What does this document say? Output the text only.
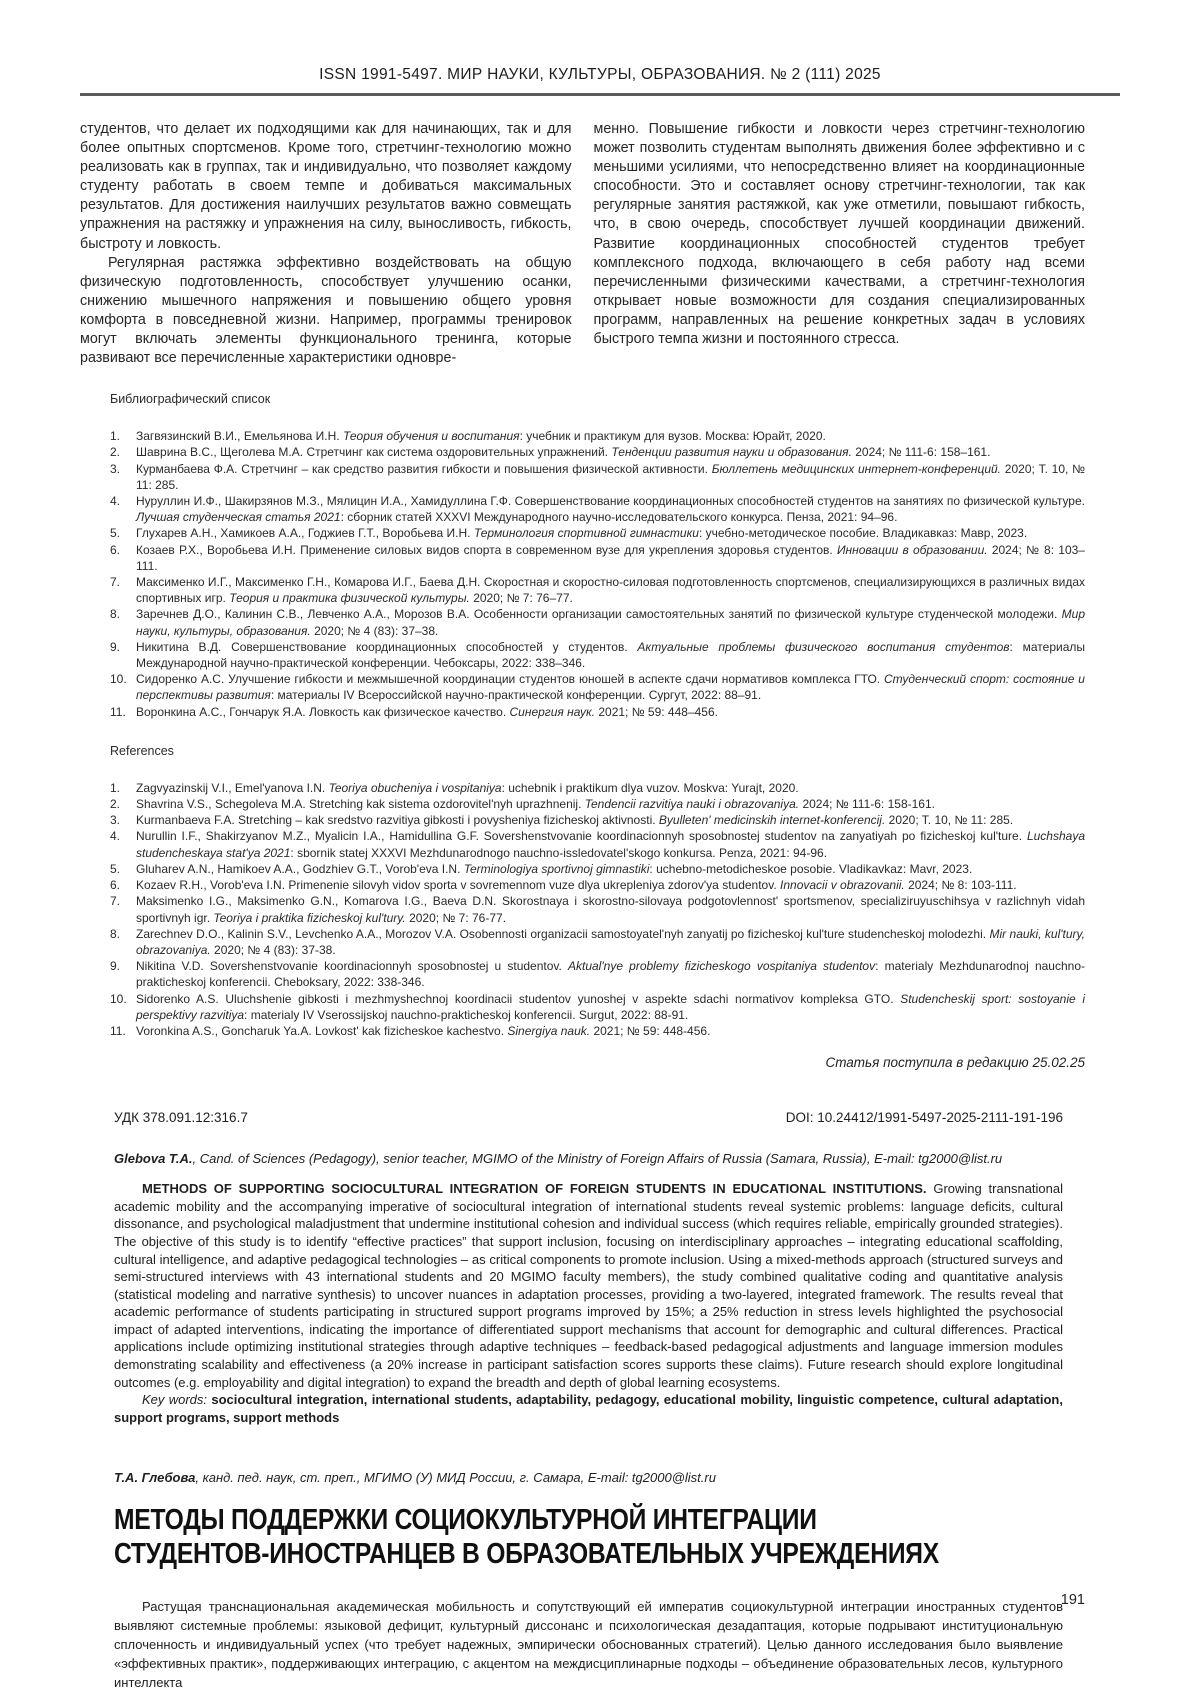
ISSN 1991-5497. МИР НАУКИ, КУЛЬТУРЫ, ОБРАЗОВАНИЯ. № 2 (111) 2025

студентов, что делает их подходящими как для начинающих, так и для более опытных спортсменов. Кроме того, стретчинг-технологию можно реализовать как в группах, так и индивидуально, что позволяет каждому студенту работать в своем темпе и добиваться максимальных результатов. Для достижения наилучших результатов важно совмещать упражнения на растяжку и упражнения на силу, выносливость, гибкость, быстроту и ловкость.

Регулярная растяжка эффективно воздействовать на общую физическую подготовленность, способствует улучшению осанки, снижению мышечного напряжения и повышению общего уровня комфорта в повседневной жизни. Например, программы тренировок могут включать элементы функционального тренинга, которые развивают все перечисленные характеристики одновре-

менно. Повышение гибкости и ловкости через стретчинг-технологию может позволить студентам выполнять движения более эффективно и с меньшими усилиями, что непосредственно влияет на координационные способности. Это и составляет основу стретчинг-технологии, так как регулярные занятия растяжкой, как уже отметили, повышают гибкость, что, в свою очередь, способствует лучшей координации движений. Развитие координационных способностей студентов требует комплексного подхода, включающего в себя работу над всеми перечисленными физическими качествами, а стретчинг-технология открывает новые возможности для создания специализированных программ, направленных на решение конкретных задач в условиях быстрого темпа жизни и постоянного стресса.

Библиографический список
1. Загвязинский В.И., Емельянова И.Н. Теория обучения и воспитания: учебник и практикум для вузов. Москва: Юрайт, 2020.
2. Шаврина В.С., Щеголева М.А. Стретчинг как система оздоровительных упражнений. Тенденции развития науки и образования. 2024; № 111-6: 158–161.
3. Курманбаева Ф.А. Стретчинг – как средство развития гибкости и повышения физической активности. Бюллетень медицинских интернет-конференций. 2020; Т. 10, № 11: 285.
4. Нуруллин И.Ф., Шакирзянов М.З., Мялицин И.А., Хамидуллина Г.Ф. Совершенствование координационных способностей студентов на занятиях по физической культуре. Лучшая студенческая статья 2021: сборник статей XXXVI Международного научно-исследовательского конкурса. Пенза, 2021: 94–96.
5. Глухарев А.Н., Хамикоев А.А., Годжиев Г.Т., Воробьева И.Н. Терминология спортивной гимнастики: учебно-методическое пособие. Владикавказ: Мавр, 2023.
6. Козаев Р.Х., Воробьева И.Н. Применение силовых видов спорта в современном вузе для укрепления здоровья студентов. Инновации в образовании. 2024; № 8: 103–111.
7. Максименко И.Г., Максименко Г.Н., Комарова И.Г., Баева Д.Н. Скоростная и скоростно-силовая подготовленность спортсменов, специализирующихся в различных видах спортивных игр. Теория и практика физической культуры. 2020; № 7: 76–77.
8. Заречнев Д.О., Калинин С.В., Левченко А.А., Морозов В.А. Особенности организации самостоятельных занятий по физической культуре студенческой молодежи. Мир науки, культуры, образования. 2020; № 4 (83): 37–38.
9. Никитина В.Д. Совершенствование координационных способностей у студентов. Актуальные проблемы физического воспитания студентов: материалы Международной научно-практической конференции. Чебоксары, 2022: 338–346.
10. Сидоренко А.С. Улучшение гибкости и межмышечной координации студентов юношей в аспекте сдачи нормативов комплекса ГТО. Студенческий спорт: состояние и перспективы развития: материалы IV Всероссийской научно-практической конференции. Сургут, 2022: 88–91.
11. Воронкина А.С., Гончарук Я.А. Ловкость как физическое качество. Синергия наук. 2021; № 59: 448–456.
References
1. Zagvyazinskij V.I., Emel'yanova I.N. Teoriya obucheniya i vospitaniya: uchebnik i praktikum dlya vuzov. Moskva: Yurajt, 2020.
2. Shavrina V.S., Schegoleva M.A. Stretching kak sistema ozdorovitel'nyh uprazhnenij. Tendencii razvitiya nauki i obrazovaniya. 2024; № 111-6: 158-161.
3. Kurmanbaeva F.A. Stretching – kak sredstvo razvitiya gibkosti i povysheniya fizicheskoj aktivnosti. Byulleten' medicinskih internet-konferencij. 2020; T. 10, № 11: 285.
4. Nurullin I.F., Shakirzyanov M.Z., Myalicin I.A., Hamidullina G.F. Sovershenstvovanie koordinacionnyh sposobnostej studentov na zanyatiyah po fizicheskoj kul'ture. Luchshaya studencheskaya stat'ya 2021: sbornik statej XXXVI Mezhdunarodnogo nauchno-issledovatel'skogo konkursa. Penza, 2021: 94-96.
5. Gluharev A.N., Hamikoev A.A., Godzhiev G.T., Vorob'eva I.N. Terminologiya sportivnoj gimnastiki: uchebno-metodicheskoe posobie. Vladikavkaz: Mavr, 2023.
6. Kozaev R.H., Vorob'eva I.N. Primenenie silovyh vidov sporta v sovremennom vuze dlya ukrepleniya zdorov'ya studentov. Innovacii v obrazovanii. 2024; № 8: 103-111.
7. Maksimenko I.G., Maksimenko G.N., Komarova I.G., Baeva D.N. Skorostnaya i skorostno-silovaya podgotovlennost' sportsmenov, specializiruyuschihsya v razlichnyh vidah sportivnyh igr. Teoriya i praktika fizicheskoj kul'tury. 2020; № 7: 76-77.
8. Zarechnev D.O., Kalinin S.V., Levchenko A.A., Morozov V.A. Osobennosti organizacii samostoyatel'nyh zanyatij po fizicheskoj kul'ture studencheskoj molodezhi. Mir nauki, kul'tury, obrazovaniya. 2020; № 4 (83): 37-38.
9. Nikitina V.D. Sovershenstvovanie koordinacionnyh sposobnostej u studentov. Aktual'nye problemy fizicheskogo vospitaniya studentov: materialy Mezhdunarodnoj nauchno-prakticheskoj konferencii. Cheboksary, 2022: 338-346.
10. Sidorenko A.S. Uluchshenie gibkosti i mezhmyshechnoj koordinacii studentov yunoshej v aspekte sdachi normativov kompleksa GTO. Studencheskij sport: sostoyanie i perspektivy razvitiya: materialy IV Vserossijskoj nauchno-prakticheskoj konferencii. Surgut, 2022: 88-91.
11. Voronkina A.S., Goncharuk Ya.A. Lovkost' kak fizicheskoe kachestvo. Sinergiya nauk. 2021; № 59: 448-456.
Статья поступила в редакцию 25.02.25
УДК 378.091.12:316.7	DOI: 10.24412/1991-5497-2025-2111-191-196

Glebova T.A., Cand. of Sciences (Pedagogy), senior teacher, MGIMO of the Ministry of Foreign Affairs of Russia (Samara, Russia), E-mail: tg2000@list.ru

METHODS OF SUPPORTING SOCIOCULTURAL INTEGRATION OF FOREIGN STUDENTS IN EDUCATIONAL INSTITUTIONS. Growing transnational academic mobility and the accompanying imperative of sociocultural integration of international students reveal systemic problems: language deficits, cultural dissonance, and psychological maladjustment that undermine institutional cohesion and individual success (which requires reliable, empirically grounded strategies). The objective of this study is to identify “effective practices” that support inclusion, focusing on interdisciplinary approaches – integrating educational scaffolding, cultural intelligence, and adaptive pedagogical technologies – as critical components to promote inclusion. Using a mixed-methods approach (structured surveys and semi-structured interviews with 43 international students and 20 MGIMO faculty members), the study combined qualitative coding and quantitative analysis (statistical modeling and narrative synthesis) to uncover nuances in adaptation processes, providing a two-layered, integrated framework. The results reveal that academic performance of students participating in structured support programs improved by 15%; a 25% reduction in stress levels highlighted the psychosocial impact of adapted interventions, indicating the importance of differentiated support mechanisms that account for demographic and cultural differences. Practical applications include optimizing institutional strategies through adaptive techniques – feedback-based pedagogical adjustments and language immersion modules demonstrating scalability and effectiveness (a 20% increase in participant satisfaction scores supports these claims). Future research should explore longitudinal outcomes (e.g. employability and digital integration) to expand the breadth and depth of global learning ecosystems.

Key words: sociocultural integration, international students, adaptability, pedagogy, educational mobility, linguistic competence, cultural adaptation, support programs, support methods

Т.А. Глебова, канд. пед. наук, ст. преп., МГИМО (У) МИД России, г. Самара, E-mail: tg2000@list.ru

МЕТОДЫ ПОДДЕРЖКИ СОЦИОКУЛЬТУРНОЙ ИНТЕГРАЦИИ
СТУДЕНТОВ-ИНОСТРАНЦЕВ В ОБРАЗОВАТЕЛЬНЫХ УЧРЕЖДЕНИЯХ

Растущая транснациональная академическая мобильность и сопутствующий ей императив социокультурной интеграции иностранных студентов выявляют системные проблемы: языковой дефицит, культурный диссонанс и психологическая дезадаптация, которые подрывают институциональную сплоченность и индивидуальный успех (что требует надежных, эмпирически обоснованных стратегий). Целью данного исследования было выявление «эффективных практик», поддерживающих интеграцию, с акцентом на междисциплинарные подходы – объединение образовательных лесов, культурного интеллекта

191
